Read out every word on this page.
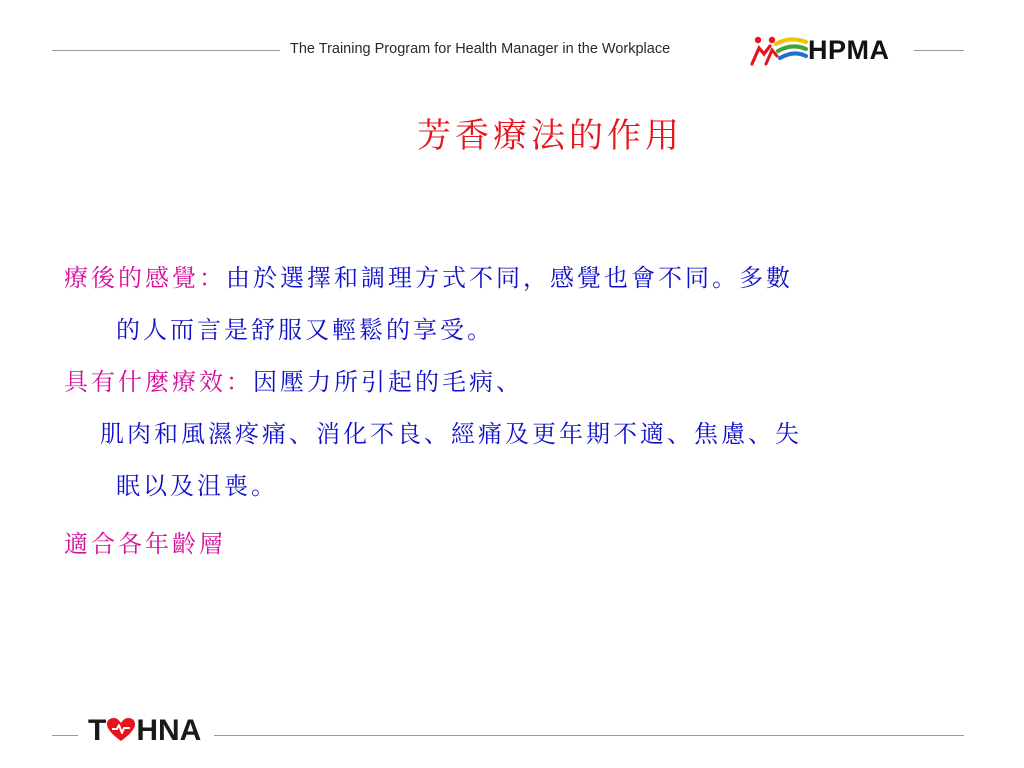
The Training Program for Health Manager in the Workplace	HPMA
芳香療法的作用
療後的感覺：由於選擇和調理方式不同，感覺也會不同。多數
的人而言是舒服又輕鬆的享受。
具有什麼療效：因壓力所引起的毛病、
肌肉和風濕疼痛、消化不良、經痛及更年期不適、焦慮、失
眠以及沮喪。
適合各年齡層
T HNA
